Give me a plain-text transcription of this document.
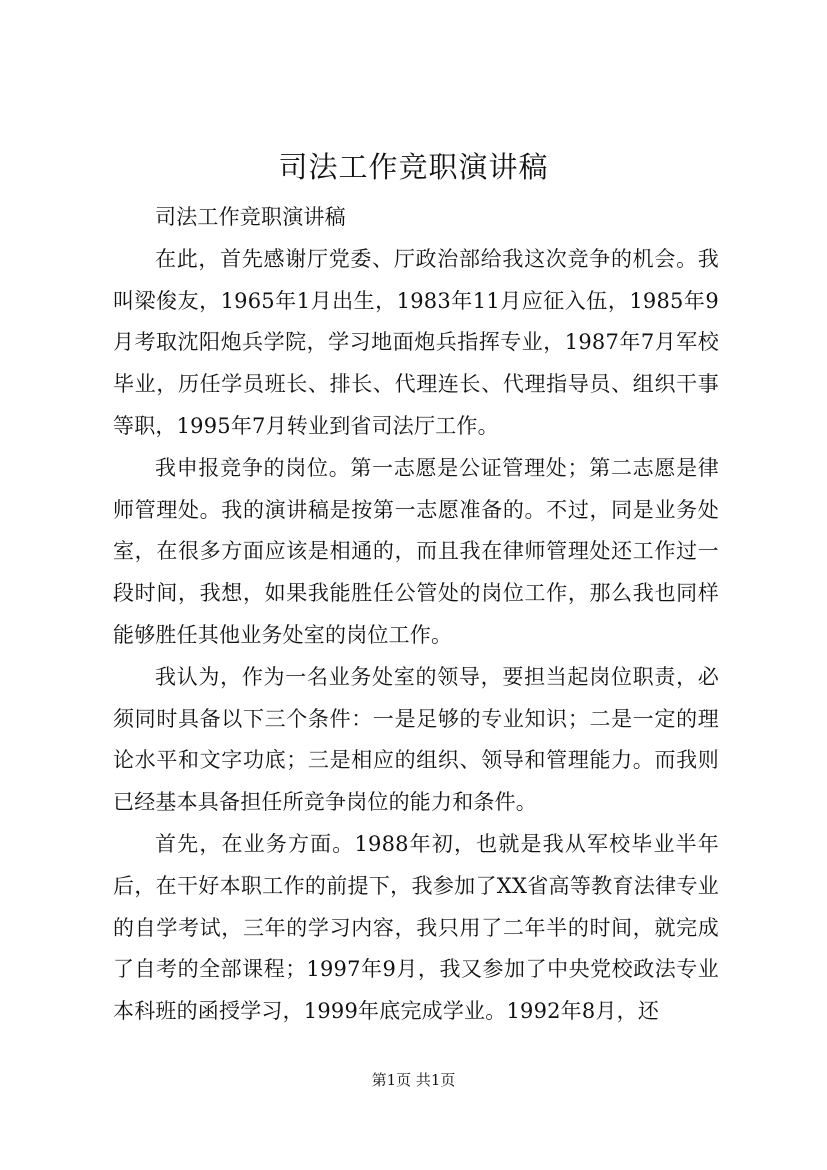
司法工作竞职演讲稿

司法工作竞职演讲稿

在此，首先感谢厅党委、厅政治部给我这次竞争的机会。我叫梁俊友，1965年1月出生，1983年11月应征入伍，1985年9月考取沈阳炮兵学院，学习地面炮兵指挥专业，1987年7月军校毕业，历任学员班长、排长、代理连长、代理指导员、组织干事等职，1995年7月转业到省司法厅工作。

我申报竞争的岗位。第一志愿是公证管理处；第二志愿是律师管理处。我的演讲稿是按第一志愿准备的。不过，同是业务处室，在很多方面应该是相通的，而且我在律师管理处还工作过一段时间，我想，如果我能胜任公管处的岗位工作，那么我也同样能够胜任其他业务处室的岗位工作。

我认为，作为一名业务处室的领导，要担当起岗位职责，必须同时具备以下三个条件：一是足够的专业知识；二是一定的理论水平和文字功底；三是相应的组织、领导和管理能力。而我则已经基本具备担任所竞争岗位的能力和条件。

首先，在业务方面。1988年初，也就是我从军校毕业半年后，在干好本职工作的前提下，我参加了XX省高等教育法律专业的自学考试，三年的学习内容，我只用了二年半的时间，就完成了自考的全部课程；1997年9月，我又参加了中央党校政法专业本科班的函授学习，1999年底完成学业。1992年8月，还

第1页 共1页
